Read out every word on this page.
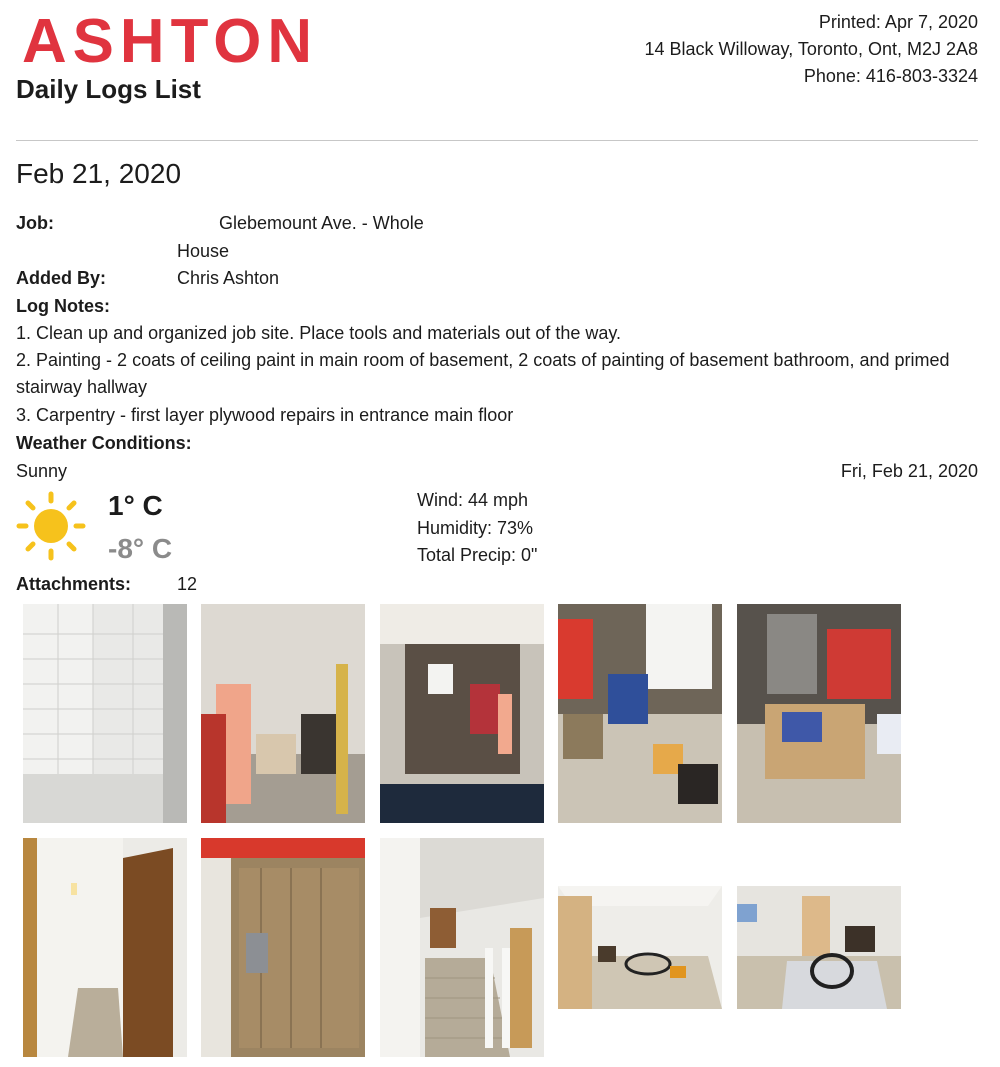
ASHTON
Daily Logs List
Printed: Apr 7, 2020
14 Black Willoway, Toronto, Ont, M2J 2A8
Phone: 416-803-3324
Feb 21, 2020
Job:	Glebemount Ave. - Whole
House
Added By:	Chris Ashton
Log Notes:
1. Clean up and organized job site. Place tools and materials out of the way.
2. Painting - 2 coats of ceiling paint in main room of basement, 2 coats of painting of basement bathroom, and primed stairway hallway
3. Carpentry - first layer plywood repairs in entrance main floor
Weather Conditions:
Sunny	Fri, Feb 21, 2020
1° C
-8° C
Wind: 44 mph
Humidity: 73%
Total Precip: 0"
Attachments:	12
